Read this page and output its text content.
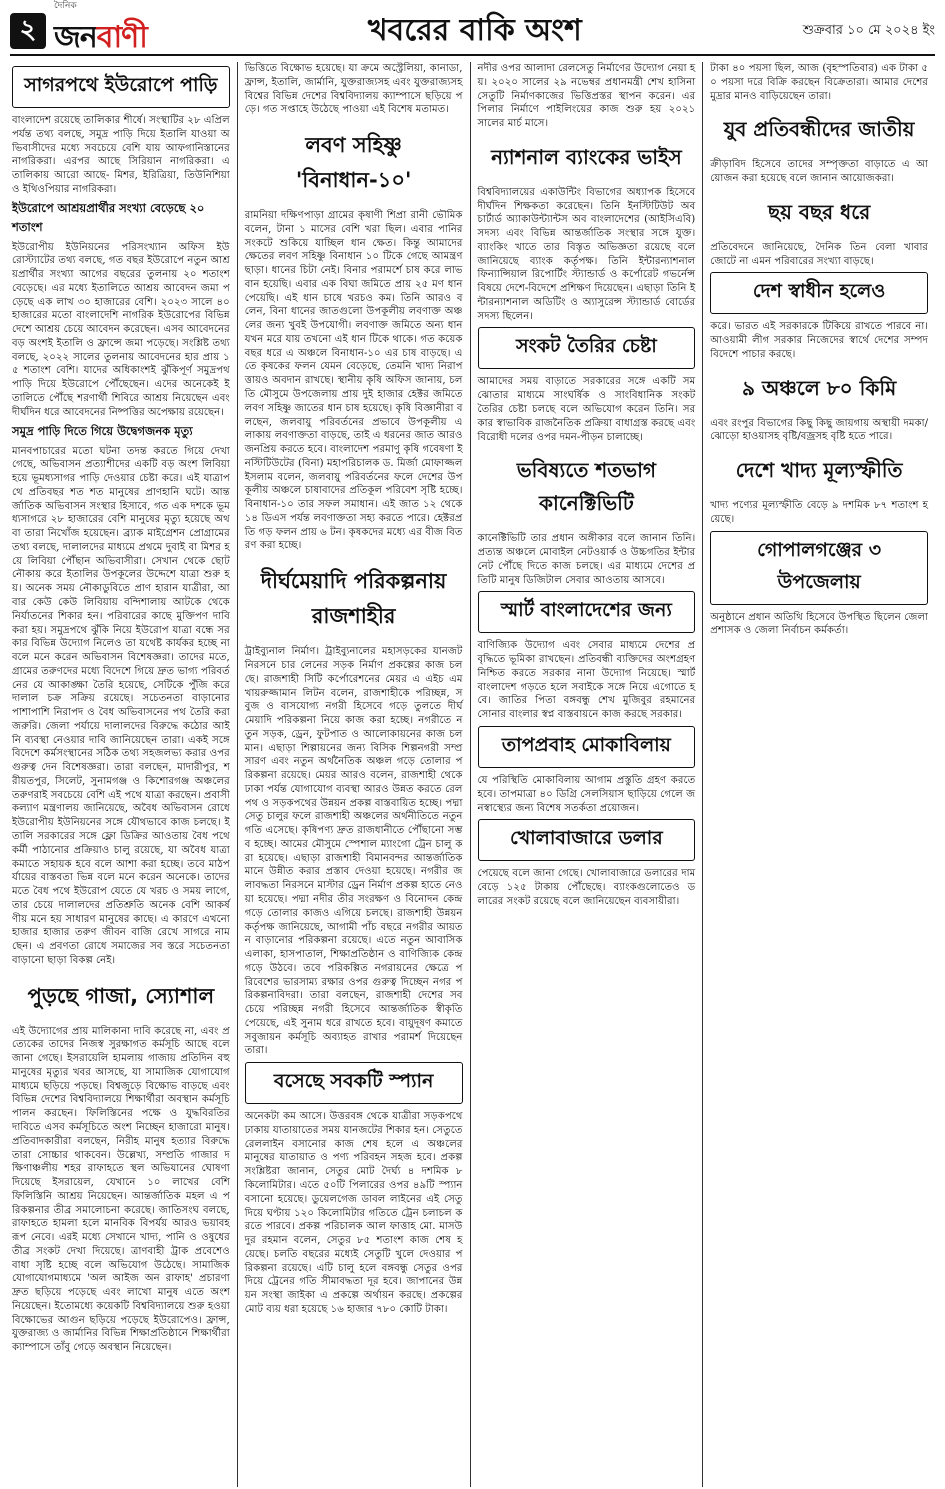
২
দৈনিক
জনবাণী	খবরের বাকি অংশ	শুক্রবার ১০ মে ২০২৪ ইং
সাগরপথে ইউরোপে পাড়ি
বাংলাদেশ রয়েছে তালিকার শীর্ষে। সংস্থাটির ২৮ এপ্রিল পর্যন্ত তথ্য বলছে, সমুদ্র পাড়ি দিয়ে ইতালি যাওয়া অভিবাসীদের মধ্যে সবচেয়ে বেশি যায় আফগানিস্তানের নাগরিকরা। এরপর আছে সিরিয়ান নাগরিকরা। এ তালিকায় আরো আছে- মিশর, ইরিত্রিয়া, তিউনিশিয়া ও ইথিওপিয়ার নাগরিকরা।
ইউরোপে আশ্রয়প্রার্থীর সংখ্যা বেড়েছে ২০ শতাংশ
ইউরোপীয় ইউনিয়নের পরিসংখ্যান অফিস ইউরোস্ট্যাটের তথ্য বলছে, গত বছর ইউরোপে নতুন আশ্রয়প্রার্থীর সংখ্যা আগের বছরের তুলনায় ২০ শতাংশ বেড়েছে। এর মধ্যে ইতালিতে আশ্রয় আবেদন জমা পড়েছে এক লাখ ৩০ হাজারের বেশি। ২০২৩ সালে ৪০ হাজারের মতো বাংলাদেশি নাগরিক ইউরোপের বিভিন্ন দেশে আশ্রয় চেয়ে আবেদন করেছেন। এসব আবেদনের বড় অংশই ইতালি ও ফ্রান্সে জমা পড়েছে। সংশ্লিষ্ট তথ্য বলছে, ২০২২ সালের তুলনায় আবেদনের হার প্রায় ১৫ শতাংশ বেশি। যাদের অধিকাংশই ঝুঁকিপূর্ণ সমুদ্রপথ পাড়ি দিয়ে ইউরোপে পৌঁছেছেন। এদের অনেকেই ইতালিতে পৌঁছে শরণার্থী শিবিরে আশ্রয় নিয়েছেন এবং দীর্ঘদিন ধরে আবেদনের নিষ্পত্তির অপেক্ষায় রয়েছেন।
সমুদ্র পাড়ি দিতে গিয়ে উদ্বেগজনক মৃত্যু
মানবপাচারের মতো ঘটনা তদন্ত করতে গিয়ে দেখা গেছে, অভিবাসন প্রত্যাশীদের একটি বড় অংশ লিবিয়া হয়ে ভূমধ্যসাগর পাড়ি দেওয়ার চেষ্টা করে। এই যাত্রাপথে প্রতিবছর শত শত মানুষের প্রাণহানি ঘটে। আন্তর্জাতিক অভিবাসন সংস্থার হিসাবে, গত এক দশকে ভূমধ্যসাগরে ২৮ হাজারের বেশি মানুষের মৃত্যু হয়েছে অথবা তারা নিখোঁজ হয়েছেন। ব্র্যাক মাইগ্রেশন প্রোগ্রামের তথ্য বলছে, দালালদের মাধ্যমে প্রথমে দুবাই বা মিশর হয়ে লিবিয়া পৌঁছান অভিবাসীরা। সেখান থেকে ছোট নৌকায় করে ইতালির উপকূলের উদ্দেশে যাত্রা শুরু হয়। অনেক সময় নৌকাডুবিতে প্রাণ হারান যাত্রীরা, আবার কেউ কেউ লিবিয়ায় বন্দিশালায় আটকে থেকে নির্যাতনের শিকার হন। পরিবারের কাছে মুক্তিপণ দাবি করা হয়। সমুদ্রপথে ঝুঁকি নিয়ে ইউরোপ যাত্রা বন্ধে সরকার বিভিন্ন উদ্যোগ নিলেও তা যথেষ্ট কার্যকর হচ্ছে না বলে মনে করেন অভিবাসন বিশেষজ্ঞরা। তাদের মতে, গ্রামের তরুণদের মধ্যে বিদেশে গিয়ে দ্রুত ভাগ্য পরিবর্তনের যে আকাঙ্ক্ষা তৈরি হয়েছে, সেটিকে পুঁজি করে দালাল চক্র সক্রিয় রয়েছে। সচেতনতা বাড়ানোর পাশাপাশি নিরাপদ ও বৈধ অভিবাসনের পথ তৈরি করা জরুরি। জেলা পর্যায়ে দালালদের বিরুদ্ধে কঠোর আইনি ব্যবস্থা নেওয়ার দাবি জানিয়েছেন তারা। একই সঙ্গে বিদেশে কর্মসংস্থানের সঠিক তথ্য সহজলভ্য করার ওপর গুরুত্ব দেন বিশেষজ্ঞরা। তারা বলছেন, মাদারীপুর, শরীয়তপুর, সিলেট, সুনামগঞ্জ ও কিশোরগঞ্জ অঞ্চলের তরুণরাই সবচেয়ে বেশি এই পথে যাত্রা করছেন। প্রবাসী কল্যাণ মন্ত্রণালয় জানিয়েছে, অবৈধ অভিবাসন রোধে ইউরোপীয় ইউনিয়নের সঙ্গে যৌথভাবে কাজ চলছে। ইতালি সরকারের সঙ্গে ফ্লো ডিক্রির আওতায় বৈধ পথে কর্মী পাঠানোর প্রক্রিয়াও চালু রয়েছে, যা অবৈধ যাত্রা কমাতে সহায়ক হবে বলে আশা করা হচ্ছে। তবে মাঠপর্যায়ের বাস্তবতা ভিন্ন বলে মনে করেন অনেকে। তাদের মতে বৈধ পথে ইউরোপ যেতে যে খরচ ও সময় লাগে, তার চেয়ে দালালদের প্রতিশ্রুতি অনেক বেশি আকর্ষণীয় মনে হয় সাধারণ মানুষের কাছে। এ কারণে এখনো হাজার হাজার তরুণ জীবন বাজি রেখে সাগরে নামছেন। এ প্রবণতা রোধে সমাজের সব স্তরে সচেতনতা বাড়ানো ছাড়া বিকল্প নেই।
পুড়ছে গাজা, স্যোশাল
এই উদ্যোগের প্রায় মালিকানা দাবি করেছে না, এবং প্রত্যেকের তাদের নিজস্ব সুরক্ষাগত কর্মসূচি আছে বলে জানা গেছে। ইসরায়েলি হামলায় গাজায় প্রতিদিন বহু মানুষের মৃত্যুর খবর আসছে, যা সামাজিক যোগাযোগমাধ্যমে ছড়িয়ে পড়ছে। বিশ্বজুড়ে বিক্ষোভ বাড়ছে এবং বিভিন্ন দেশের বিশ্ববিদ্যালয়ে শিক্ষার্থীরা অবস্থান কর্মসূচি পালন করছেন। ফিলিস্তিনের পক্ষে ও যুদ্ধবিরতির দাবিতে এসব কর্মসূচিতে অংশ নিচ্ছেন হাজারো মানুষ। প্রতিবাদকারীরা বলছেন, নিরীহ মানুষ হত্যার বিরুদ্ধে তারা সোচ্চার থাকবেন। উল্লেখ্য, সম্প্রতি গাজার দক্ষিণাঞ্চলীয় শহর রাফাহতে স্থল অভিযানের ঘোষণা দিয়েছে ইসরায়েল, যেখানে ১০ লাখের বেশি ফিলিস্তিনি আশ্রয় নিয়েছেন। আন্তর্জাতিক মহল এ পরিকল্পনার তীব্র সমালোচনা করেছে। জাতিসংঘ বলছে, রাফাহতে হামলা হলে মানবিক বিপর্যয় আরও ভয়াবহ রূপ নেবে। এরই মধ্যে সেখানে খাদ্য, পানি ও ওষুধের তীব্র সংকট দেখা দিয়েছে। ত্রাণবাহী ট্রাক প্রবেশেও বাধা সৃষ্টি হচ্ছে বলে অভিযোগ উঠেছে। সামাজিক যোগাযোগমাধ্যমে 'অল আইজ অন রাফাহ' প্রচারণা দ্রুত ছড়িয়ে পড়েছে এবং লাখো মানুষ এতে অংশ নিয়েছেন। ইতোমধ্যে কয়েকটি বিশ্ববিদ্যালয়ে শুরু হওয়া বিক্ষোভের আগুন ছড়িয়ে পড়েছে ইউরোপেও। ফ্রান্স, যুক্তরাজ্য ও জার্মানির বিভিন্ন শিক্ষাপ্রতিষ্ঠানে শিক্ষার্থীরা ক্যাম্পাসে তাঁবু গেড়ে অবস্থান নিয়েছেন।
ভিত্তিতে বিক্ষোভ হয়েছে। যা ক্রমে অস্ট্রেলিয়া, কানাডা, ফ্রান্স, ইতালি, জার্মানি, যুক্তরাজ্যসহ এবং যুক্তরাজ্যসহ বিশ্বের বিভিন্ন দেশের বিশ্ববিদ্যালয় ক্যাম্পাসে ছড়িয়ে পড়ে। গত সপ্তাহে উঠেছে পাওয়া এই বিশেষ মতামত।
লবণ সহিষ্ণু 'বিনাধান-১০'
রামনিয়া দক্ষিণপাড়া গ্রামের কৃষাণী শিপ্রা রানী ভৌমিক বলেন, টানা ১ মাসের বেশি খরা ছিল। এবার পানির সংকটে শুকিয়ে যাচ্ছিল ধান ক্ষেত। কিন্তু আমাদের ক্ষেতের লবণ সহিষ্ণু বিনাধান ১০ টিকে গেছে আমন্ত্রণ ছাড়া। ধানের চিটা নেই। বিনার পরামর্শে চাষ করে লাভবান হয়েছি। এবার এক বিঘা জমিতে প্রায় ২৫ মণ ধান পেয়েছি। এই ধান চাষে খরচও কম। তিনি আরও বলেন, বিনা ধানের জাতগুলো উপকূলীয় লবণাক্ত অঞ্চলের জন্য খুবই উপযোগী। লবণাক্ত জমিতে অন্য ধান যখন মরে যায় তখনো এই ধান টিকে থাকে। গত কয়েক বছর ধরে এ অঞ্চলে বিনাধান-১০ এর চাষ বাড়ছে। এতে কৃষকের ফলন যেমন বেড়েছে, তেমনি খাদ্য নিরাপত্তায়ও অবদান রাখছে। স্থানীয় কৃষি অফিস জানায়, চলতি মৌসুমে উপজেলায় প্রায় দুই হাজার হেক্টর জমিতে লবণ সহিষ্ণু জাতের ধান চাষ হয়েছে। কৃষি বিজ্ঞানীরা বলছেন, জলবায়ু পরিবর্তনের প্রভাবে উপকূলীয় এলাকায় লবণাক্ততা বাড়ছে, তাই এ ধরনের জাত আরও জনপ্রিয় করতে হবে। বাংলাদেশ পরমাণু কৃষি গবেষণা ইনস্টিটিউটের (বিনা) মহাপরিচালক ড. মির্জা মোফাজ্জল ইসলাম বলেন, জলবায়ু পরিবর্তনের ফলে দেশের উপকূলীয় অঞ্চলে চাষাবাদের প্রতিকূল পরিবেশ সৃষ্টি হচ্ছে। বিনাধান-১০ তার সফল সমাধান। এই জাত ১২ থেকে ১৪ ডিএস পর্যন্ত লবণাক্ততা সহ্য করতে পারে। হেক্টরপ্রতি গড় ফলন প্রায় ৬ টন। কৃষকদের মধ্যে এর বীজ বিতরণ করা হচ্ছে।
দীর্ঘমেয়াদি পরিকল্পনায় রাজশাহীর
ট্রাইব্যুনাল নির্মাণ। ট্রাইব্যুনালের মহাসড়কের যানজট নিরসনে চার লেনের সড়ক নির্মাণ প্রকল্পের কাজ চলছে। রাজশাহী সিটি কর্পোরেশনের মেয়র এ এইচ এম খায়রুজ্জামান লিটন বলেন, রাজশাহীকে পরিচ্ছন্ন, সবুজ ও বাসযোগ্য নগরী হিসেবে গড়ে তুলতে দীর্ঘমেয়াদি পরিকল্পনা নিয়ে কাজ করা হচ্ছে। নগরীতে নতুন সড়ক, ড্রেন, ফুটপাত ও আলোকায়নের কাজ চলমান। এছাড়া শিল্পায়নের জন্য বিসিক শিল্পনগরী সম্প্রসারণ এবং নতুন অর্থনৈতিক অঞ্চল গড়ে তোলার পরিকল্পনা রয়েছে। মেয়র আরও বলেন, রাজশাহী থেকে ঢাকা পর্যন্ত যোগাযোগ ব্যবস্থা আরও উন্নত করতে রেলপথ ও সড়কপথের উন্নয়ন প্রকল্প বাস্তবায়িত হচ্ছে। পদ্মা সেতু চালুর ফলে রাজশাহী অঞ্চলের অর্থনীতিতে নতুন গতি এসেছে। কৃষিপণ্য দ্রুত রাজধানীতে পৌঁছানো সম্ভব হচ্ছে। আমের মৌসুমে স্পেশাল ম্যাংগো ট্রেন চালু করা হয়েছে। এছাড়া রাজশাহী বিমানবন্দর আন্তর্জাতিক মানে উন্নীত করার প্রস্তাব দেওয়া হয়েছে। নগরীর জলাবদ্ধতা নিরসনে মাস্টার ড্রেন নির্মাণ প্রকল্প হাতে নেওয়া হয়েছে। পদ্মা নদীর তীর সংরক্ষণ ও বিনোদন কেন্দ্র গড়ে তোলার কাজও এগিয়ে চলছে। রাজশাহী উন্নয়ন কর্তৃপক্ষ জানিয়েছে, আগামী পাঁচ বছরে নগরীর আয়তন বাড়ানোর পরিকল্পনা রয়েছে। এতে নতুন আবাসিক এলাকা, হাসপাতাল, শিক্ষাপ্রতিষ্ঠান ও বাণিজ্যিক কেন্দ্র গড়ে উঠবে। তবে পরিকল্পিত নগরায়নের ক্ষেত্রে পরিবেশের ভারসাম্য রক্ষার ওপর গুরুত্ব দিচ্ছেন নগর পরিকল্পনাবিদরা। তারা বলছেন, রাজশাহী দেশের সবচেয়ে পরিচ্ছন্ন নগরী হিসেবে আন্তর্জাতিক স্বীকৃতি পেয়েছে, এই সুনাম ধরে রাখতে হবে। বায়ুদূষণ কমাতে সবুজায়ন কর্মসূচি অব্যাহত রাখার পরামর্শ দিয়েছেন তারা।
বসেছে সবকটি স্প্যান
অনেকটা কম আসে। উত্তরবঙ্গ থেকে যাত্রীরা সড়কপথে ঢাকায় যাতায়াতের সময় যানজটের শিকার হন। সেতুতে রেললাইন বসানোর কাজ শেষ হলে এ অঞ্চলের মানুষের যাতায়াত ও পণ্য পরিবহন সহজ হবে। প্রকল্প সংশ্লিষ্টরা জানান, সেতুর মোট দৈর্ঘ্য ৪ দশমিক ৮ কিলোমিটার। এতে ৫০টি পিলারের ওপর ৪৯টি স্প্যান বসানো হয়েছে। ডুয়েলগেজ ডাবল লাইনের এই সেতু দিয়ে ঘণ্টায় ১২০ কিলোমিটার গতিতে ট্রেন চলাচল করতে পারবে। প্রকল্প পরিচালক আল ফাত্তাহ মো. মাসউদুর রহমান বলেন, সেতুর ৮৫ শতাংশ কাজ শেষ হয়েছে। চলতি বছরের মধ্যেই সেতুটি খুলে দেওয়ার পরিকল্পনা রয়েছে। এটি চালু হলে বঙ্গবন্ধু সেতুর ওপর দিয়ে ট্রেনের গতি সীমাবদ্ধতা দূর হবে। জাপানের উন্নয়ন সংস্থা জাইকা এ প্রকল্পে অর্থায়ন করছে। প্রকল্পের মোট ব্যয় ধরা হয়েছে ১৬ হাজার ৭৮০ কোটি টাকা।
নদীর ওপর আলাদা রেলসেতু নির্মাণের উদ্যোগ নেয়া হয়। ২০২০ সালের ২৯ নভেম্বর প্রধানমন্ত্রী শেখ হাসিনা সেতুটি নির্মাণকাজের ভিত্তিপ্রস্তর স্থাপন করেন। এর পিলার নির্মাণে পাইলিংয়ের কাজ শুরু হয় ২০২১ সালের মার্চ মাসে।
ন্যাশনাল ব্যাংকের ভাইস
বিশ্ববিদ্যালয়ের একাউন্টিং বিভাগের অধ্যাপক হিসেবে দীর্ঘদিন শিক্ষকতা করেছেন। তিনি ইনস্টিটিউট অব চার্টার্ড অ্যাকাউন্ট্যান্টস অব বাংলাদেশের (আইসিএবি) সদস্য এবং বিভিন্ন আন্তর্জাতিক সংস্থার সঙ্গে যুক্ত। ব্যাংকিং খাতে তার বিস্তৃত অভিজ্ঞতা রয়েছে বলে জানিয়েছে ব্যাংক কর্তৃপক্ষ। তিনি ইন্টারন্যাশনাল ফিন্যান্সিয়াল রিপোর্টিং স্ট্যান্ডার্ড ও কর্পোরেট গভর্নেন্স বিষয়ে দেশে-বিদেশে প্রশিক্ষণ দিয়েছেন। এছাড়া তিনি ইন্টারন্যাশনাল অডিটিং ও অ্যাসুরেন্স স্ট্যান্ডার্ড বোর্ডের সদস্য ছিলেন।
সংকট তৈরির চেষ্টা
আমাদের সময় বাড়াতে সরকারের সঙ্গে একটি সমঝোতার মাধ্যমে সাংঘর্ষিক ও সাংবিধানিক সংকট তৈরির চেষ্টা চলছে বলে অভিযোগ করেন তিনি। সরকার স্বাভাবিক রাজনৈতিক প্রক্রিয়া বাধাগ্রস্ত করছে এবং বিরোধী দলের ওপর দমন-পীড়ন চালাচ্ছে।
ভবিষ্যতে শতভাগ কানেক্টিভিটি
কানেক্টিভিটি তার প্রধান অঙ্গীকার বলে জানান তিনি। প্রত্যন্ত অঞ্চলে মোবাইল নেটওয়ার্ক ও উচ্চগতির ইন্টারনেট পৌঁছে দিতে কাজ চলছে। এর মাধ্যমে দেশের প্রতিটি মানুষ ডিজিটাল সেবার আওতায় আসবে।
স্মার্ট বাংলাদেশের জন্য
বাণিজ্যিক উদ্যোগ এবং সেবার মাধ্যমে দেশের প্রবৃদ্ধিতে ভূমিকা রাখছেন। প্রতিবন্ধী ব্যক্তিদের অংশগ্রহণ নিশ্চিত করতে সরকার নানা উদ্যোগ নিয়েছে। স্মার্ট বাংলাদেশ গড়তে হলে সবাইকে সঙ্গে নিয়ে এগোতে হবে। জাতির পিতা বঙ্গবন্ধু শেখ মুজিবুর রহমানের সোনার বাংলার স্বপ্ন বাস্তবায়নে কাজ করছে সরকার।
তাপপ্রবাহ মোকাবিলায়
যে পরিস্থিতি মোকাবিলায় আগাম প্রস্তুতি গ্রহণ করতে হবে। তাপমাত্রা ৪০ ডিগ্রি সেলসিয়াস ছাড়িয়ে গেলে জনস্বাস্থ্যের জন্য বিশেষ সতর্কতা প্রয়োজন।
খোলাবাজারে ডলার
পেয়েছে বলে জানা গেছে। খোলাবাজারে ডলারের দাম বেড়ে ১২৫ টাকায় পৌঁছেছে। ব্যাংকগুলোতেও ডলারের সংকট রয়েছে বলে জানিয়েছেন ব্যবসায়ীরা।
টাকা ৪০ পয়সা ছিল, আজ (বৃহস্পতিবার) এক টাকা ৫০ পয়সা দরে বিক্রি করছেন বিক্রেতারা। আমার দেশের মুদ্রার মানও বাড়িয়েছেন তারা।
যুব প্রতিবন্ধীদের জাতীয়
ক্রীড়াবিদ হিসেবে তাদের সম্পৃক্ততা বাড়াতে এ আয়োজন করা হয়েছে বলে জানান আয়োজকরা।
ছয় বছর ধরে
প্রতিবেদনে জানিয়েছে, দৈনিক তিন বেলা খাবার জোটে না এমন পরিবারের সংখ্যা বাড়ছে।
দেশ স্বাধীন হলেও
করে। ভারত এই সরকারকে টিকিয়ে রাখতে পারবে না। আওয়ামী লীগ সরকার নিজেদের স্বার্থে দেশের সম্পদ বিদেশে পাচার করছে।
৯ অঞ্চলে ৮০ কিমি
এবং রংপুর বিভাগের কিছু কিছু জায়গায় অস্থায়ী দমকা/ঝোড়ো হাওয়াসহ বৃষ্টি/বজ্রসহ বৃষ্টি হতে পারে।
দেশে খাদ্য মূল্যস্ফীতি
খাদ্য পণ্যের মূল্যস্ফীতি বেড়ে ৯ দশমিক ৮৭ শতাংশ হয়েছে।
গোপালগঞ্জের ৩ উপজেলায়
অনুষ্ঠানে প্রধান অতিথি হিসেবে উপস্থিত ছিলেন জেলা প্রশাসক ও জেলা নির্বাচন কর্মকর্তা।
